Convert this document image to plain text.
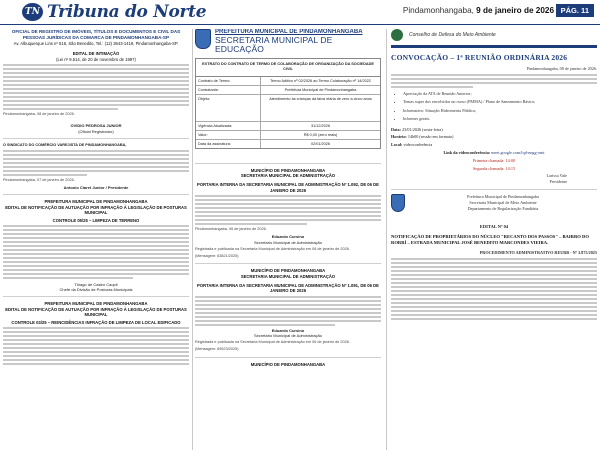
TN Tribuna do Norte	Pindamonhangaba, 9 de janeiro de 2026 PÁG. 11
OFICIAL DE REGISTRO DE IMÓVEIS, TÍTULOS E DOCUMENTOS E CIVIL DAS PESSOAS JURÍDICAS DA COMARCA DE PINDAMONHANGABA-SP
Av. Albuquerque Lins nº 516, São Benedito, Tel.: (12) 3643-1419, Pindamonhangaba-SP.
EDITAL DE INTIMAÇÃO
(Lei nº 9.514, de 20 de novembro de 1997)
Pindamonhangaba, 08 de janeiro de 2026.
OVIDIO PEDROSA JUNIOR
(Oficial Registrador)
O SINDICATO DO COMÉRCIO VAREJISTA DE PINDAMONHANGABA,
Pindamonhangaba, 07 de janeiro de 2026.
Antonio Claret Junior / Presidente
PREFEITURA MUNICIPAL DE PINDAMONHANGABA
EDITAL DE NOTIFICAÇÃO DE AUTUAÇÃO POR INFRAÇÃO À LEGISLAÇÃO DE POSTURAS MUNICIPAL
CONTROLE 05/25 – LIMPEZA DE TERRENO
Thiago de Castro Caopil
Chefe da Divisão de Posturas Municipais
PREFEITURA MUNICIPAL DE PINDAMONHANGABA
EDITAL DE NOTIFICAÇÃO DE AUTUAÇÃO POR INFRAÇÃO À LEGISLAÇÃO DE POSTURAS MUNICIPAL
CONTROLE 03/25 – REINCIDÊNCIAS INFRAÇÃO DE LIMPEZA DE LOCAL EDIFICADO
PREFEITURA MUNICIPAL DE PINDAMONHANGABA
SECRETARIA MUNICIPAL DE EDUCAÇÃO
EXTRATO DO CONTRATO DE TERMO DE COLABORAÇÃO DE ORGANIZAÇÃO DA SOCIEDADE CIVIL
Contrato de Termo:	Termo Aditivo nº 02/2026 ao Termo Colaboração nº 14/2022
Contratante:	Prefeitura Municipal de Pindamonhangaba
Objeto:	Atendimento às crianças da faixa etária de zero a cinco anos
Vigência Atualizada:	31/12/2026
Valor:	R$ 0,00 (zero reais)
Data da assinatura:	02/01/2026
MUNICÍPIO DE PINDAMONHANGABA
SECRETARIA MUNICIPAL DE ADMINISTRAÇÃO
PORTARIA INTERNA DA SECRETARIA MUNICIPAL DE ADMINISTRAÇÃO Nº 1.092, DE 06 DE JANEIRO DE 2026
Pindamonhangaba, 06 de janeiro de 2026.
Eduardo Cursino
Secretário Municipal de Administração
Registrada e publicada na Secretaria Municipal de Administração em 06 de janeiro de 2026.
(Mensagem: 63821/2025)
MUNICÍPIO DE PINDAMONHANGABA
SECRETARIA MUNICIPAL DE ADMINISTRAÇÃO
PORTARIA INTERNA DA SECRETARIA MUNICIPAL DE ADMINISTRAÇÃO Nº 1.091, DE 06 DE JANEIRO DE 2026
Eduardo Cursino
Secretário Municipal de Administração
Registrada e publicada na Secretaria Municipal de Administração em 06 de janeiro de 2026.
(Mensagem: 69523/2025)
MUNICÍPIO DE PINDAMONHANGABA
Conselho de Defesa do Meio Ambiente
CONVOCAÇÃO – 1ª REUNIÃO ORDINÁRIA 2026
Pindamonhangaba, 08 de janeiro de 2026.
• Apreciação da ATA de Reunião Anterior;
• Temas super dos envolvidos no curso (PMMA) / Plano de Saneamento Básico;
• Informativo: Situação Hidrometria Pública;
• Informes gerais.
Data: 23/01/2026 (sexta-feira)
Horário: 14h00 (sessão em formato)
Local: videoconferência
Link da videoconferência: meet.google.com/fqd-nngg-omt
Primeira chamada: 14:00
Segunda chamada: 14:15
Larissa Vale
Presidente
Prefeitura Municipal de Pindamonhangaba
Secretaria Municipal de Meio Ambiente
Departamento de Regularização Fundiária
EDITAL Nº 04
NOTIFICAÇÃO DE PROPRIETÁRIOS DO NÚCLEO "RECANTO DOS PASSOS" – BAIRRO DO RORRÍ – ESTRADA MUNICIPAL JOSÉ BENEDITO MARCONDES VIEIRA.
PROCEDIMENTO ADMINISTRATIVO REURB - Nº 3.875/2025
